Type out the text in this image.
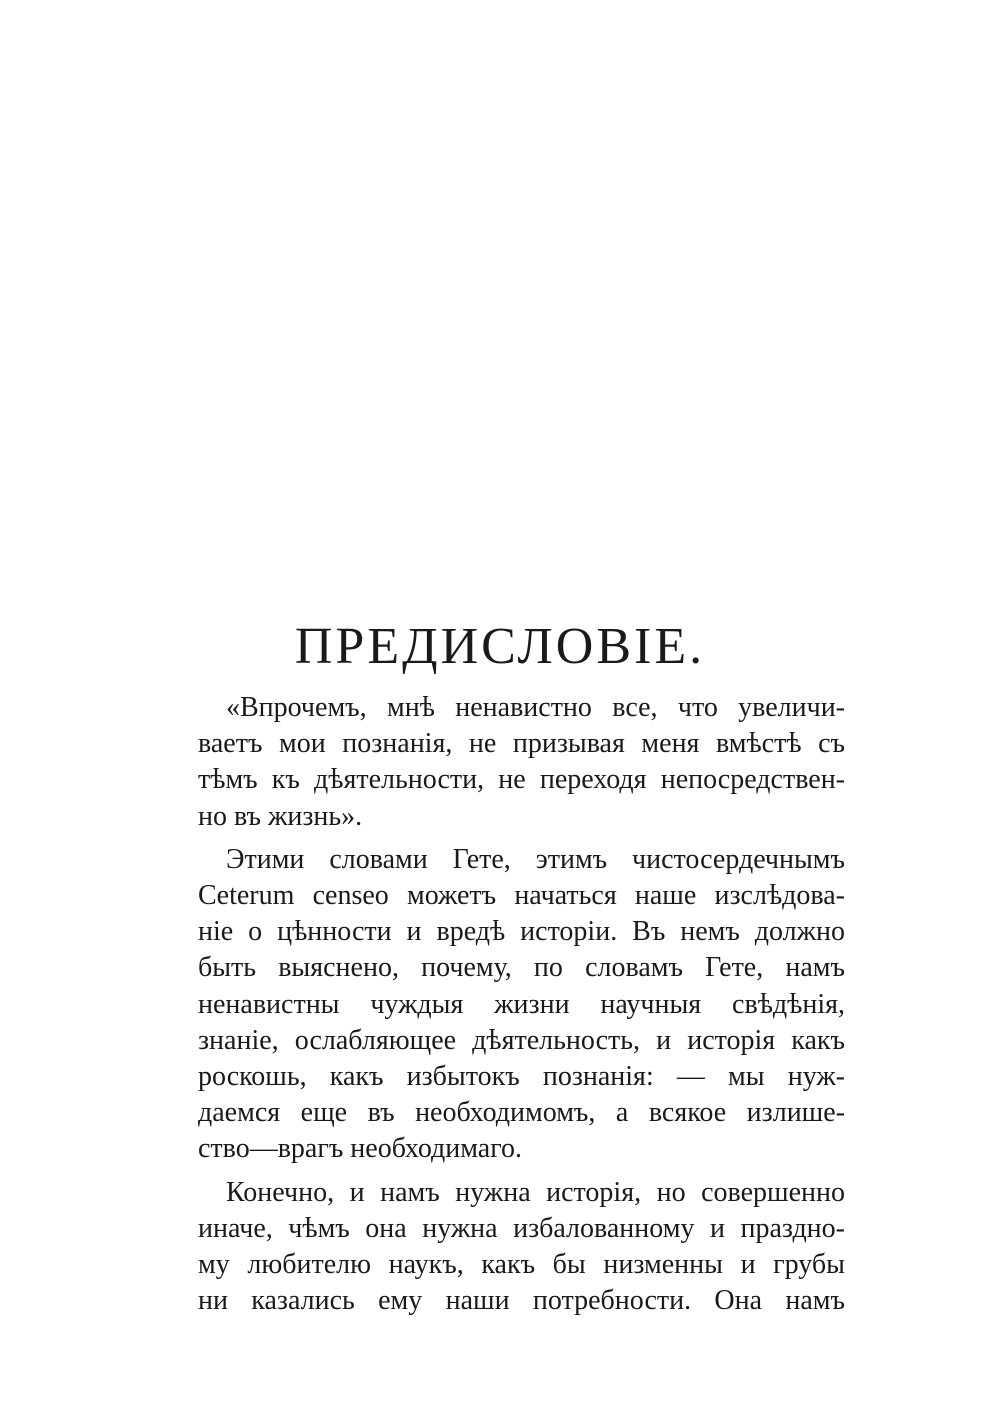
ПРЕДИСЛОВІЕ.
«Впрочемъ, мнѣ ненавистно все, что увеличи-
ваетъ мои познанія, не призывая меня вмѣстѣ съ
тѣмъ къ дѣятельности, не переходя непосредствен-
но въ жизнь».
Этими словами Гете, этимъ чистосердечнымъ
Ceterum censeo можетъ начаться наше изслѣдова-
ніе о цѣнности и вредѣ исторіи. Въ немъ должно
быть выяснено, почему, по словамъ Гете, намъ
ненавистны чуждыя жизни научныя свѣдѣнія,
знаніе, ослабляющее дѣятельность, и исторія какъ
роскошь, какъ избытокъ познанія: — мы нуж-
даемся еще въ необходимомъ, а всякое излише-
ство—врагъ необходимаго.
Конечно, и намъ нужна исторія, но совершенно
иначе, чѣмъ она нужна избалованному и праздно-
му любителю наукъ, какъ бы низменны и грубы
ни казались ему наши потребности. Она намъ
